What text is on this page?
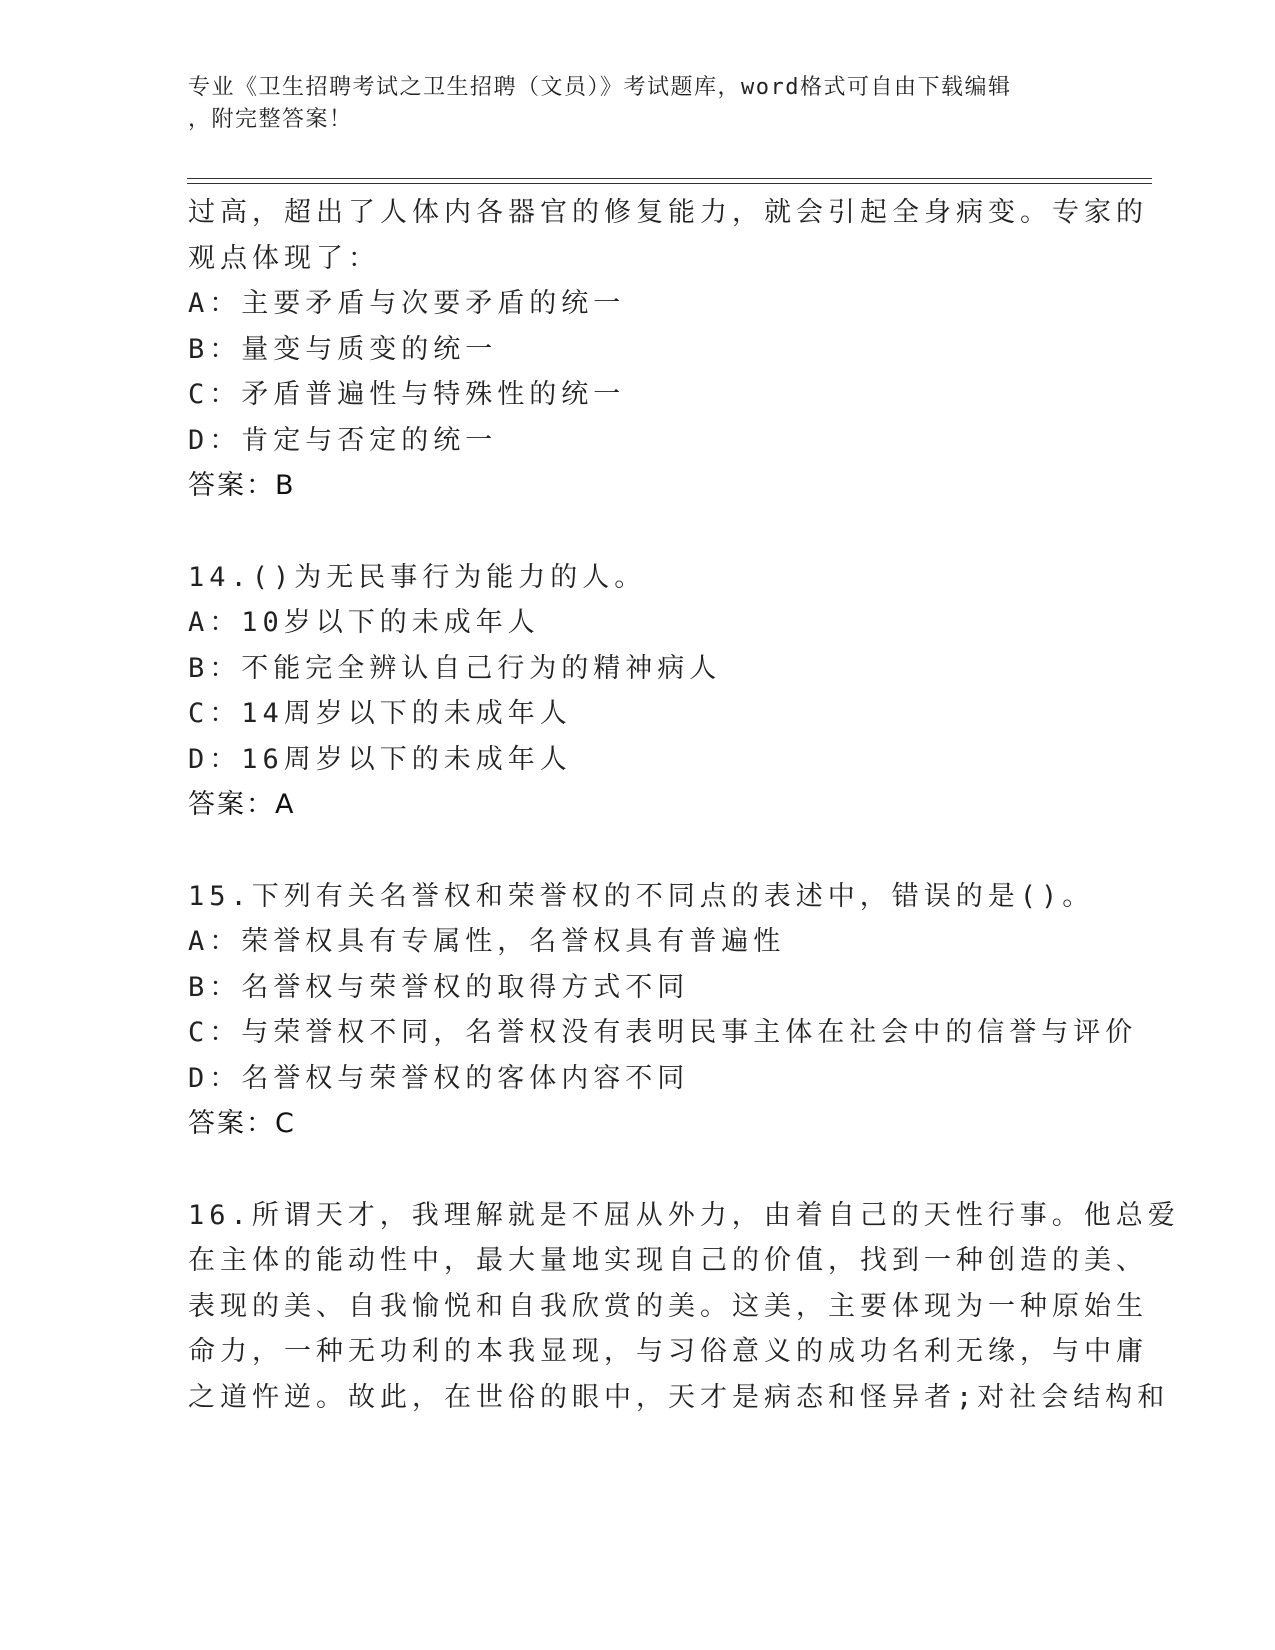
专业《卫生招聘考试之卫生招聘（文员）》考试题库，word格式可自由下载编辑
，附完整答案！
过高，超出了人体内各器官的修复能力，就会引起全身病变。专家的
观点体现了：
A：主要矛盾与次要矛盾的统一
B：量变与质变的统一
C：矛盾普遍性与特殊性的统一
D：肯定与否定的统一
答案：B
14.()为无民事行为能力的人。
A：10岁以下的未成年人
B：不能完全辨认自己行为的精神病人
C：14周岁以下的未成年人
D：16周岁以下的未成年人
答案：A
15.下列有关名誉权和荣誉权的不同点的表述中，错误的是()。
A：荣誉权具有专属性，名誉权具有普遍性
B：名誉权与荣誉权的取得方式不同
C：与荣誉权不同，名誉权没有表明民事主体在社会中的信誉与评价
D：名誉权与荣誉权的客体内容不同
答案：C
16.所谓天才，我理解就是不屈从外力，由着自己的天性行事。他总爱
在主体的能动性中，最大量地实现自己的价值，找到一种创造的美、
表现的美、自我愉悦和自我欣赏的美。这美，主要体现为一种原始生
命力，一种无功利的本我显现，与习俗意义的成功名利无缘，与中庸
之道忤逆。故此，在世俗的眼中，天才是病态和怪异者;对社会结构和
